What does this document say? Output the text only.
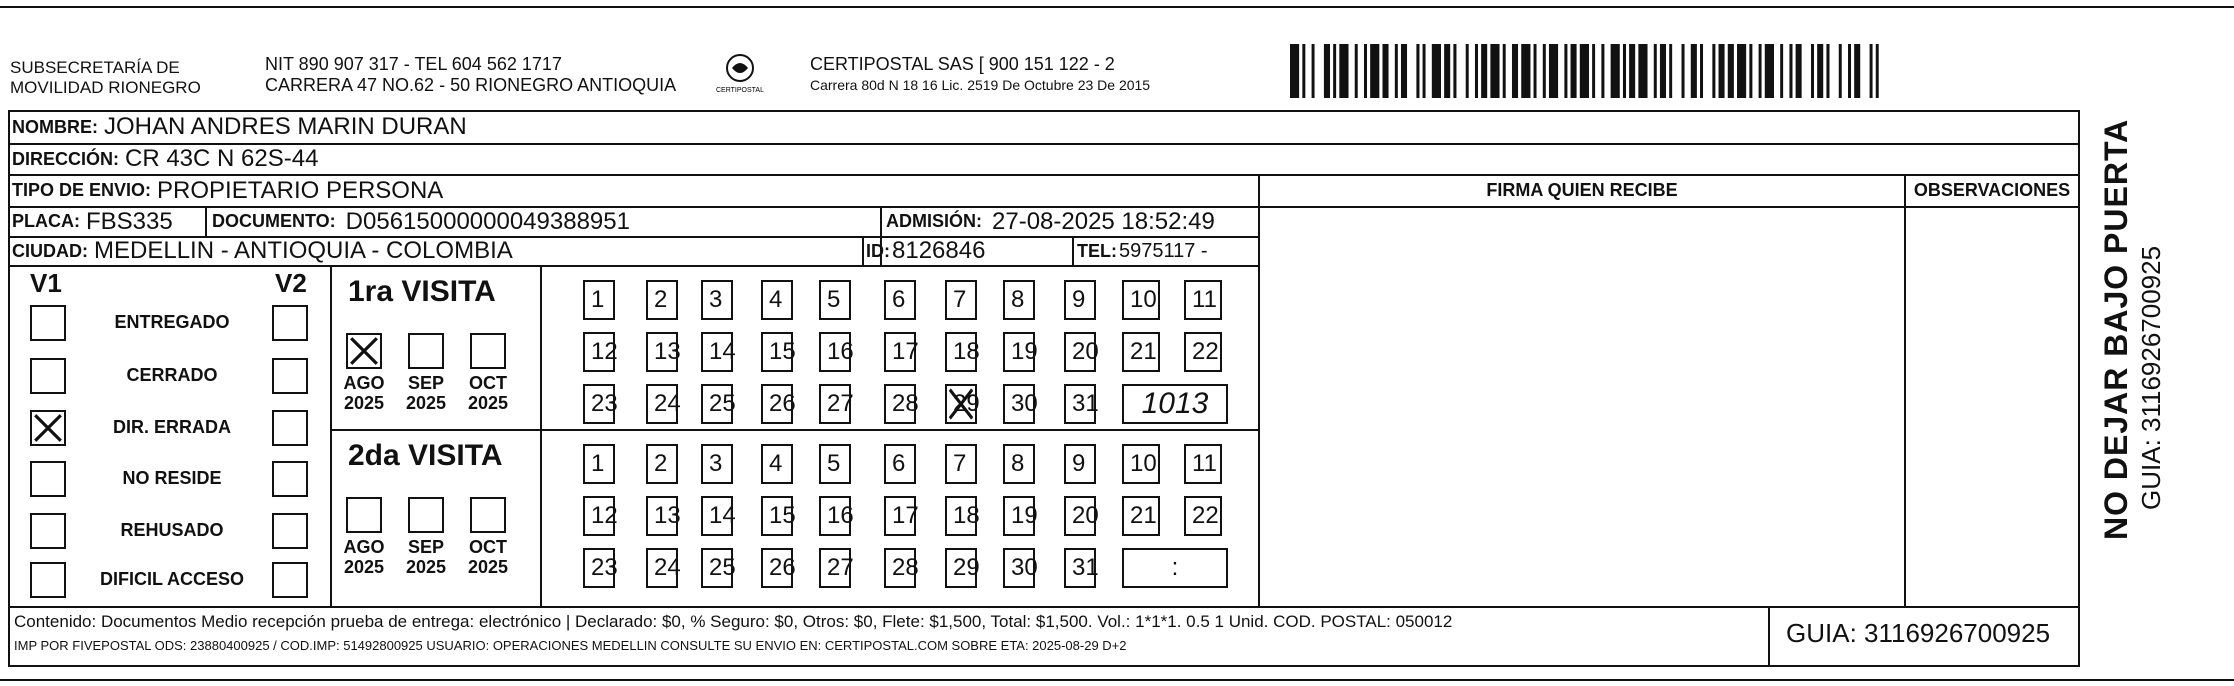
SUBSECRETARÍA DE
MOVILIDAD RIONEGRO
NIT 890 907 317 - TEL 604 562 1717
CARRERA 47 NO.62 - 50 RIONEGRO ANTIOQUIA	CERTIPOSTAL
CERTIPOSTAL SAS [ 900 151 122 - 2
Carrera 80d N 18 16 Lic. 2519 De Octubre 23 De 2015
NOMBRE: JOHAN ANDRES MARIN DURAN
DIRECCIÓN: CR 43C N 62S-44
TIPO DE ENVIO: PROPIETARIO PERSONA	FIRMA QUIEN RECIBE	OBSERVACIONES
PLACA: FBS335 DOCUMENTO: D05615000000049388951	ADMISIÓN: 27-08-2025 18:52:49
CIUDAD: MEDELLIN - ANTIOQUIA - COLOMBIA	ID: 8126846	TEL: 5975117 -
V1	V2
ENTREGADO
CERRADO
DIR. ERRADA
NO RESIDE
REHUSADO
DIFICIL ACCESO
1ra VISITA
AGO
2025
SEP
2025
OCT
2025
1 2 3 4 5 6 7 8 9 10 11
12 13 14 15 16 17 18 19 20 21 22
23 24 25 26 27 28 29 30 31 1013
2da VISITA
AGO
2025
SEP
2025
OCT
2025
1 2 3 4 5 6 7 8 9 10 11
12 13 14 15 16 17 18 19 20 21 22
23 24 25 26 27 28 29 30 31	:
Contenido: Documentos Medio recepción prueba de entrega: electrónico | Declarado: $0, % Seguro: $0, Otros: $0, Flete: $1,500, Total: $1,500. Vol.: 1*1*1. 0.5 1 Unid. COD. POSTAL: 050012
IMP POR FIVEPOSTAL ODS: 23880400925 / COD.IMP: 51492800925 USUARIO: OPERACIONES MEDELLIN CONSULTE SU ENVIO EN: CERTIPOSTAL.COM SOBRE ETA: 2025-08-29 D+2	GUIA: 3116926700925
NO DEJAR BAJO PUERTA GUIA: 3116926700925
